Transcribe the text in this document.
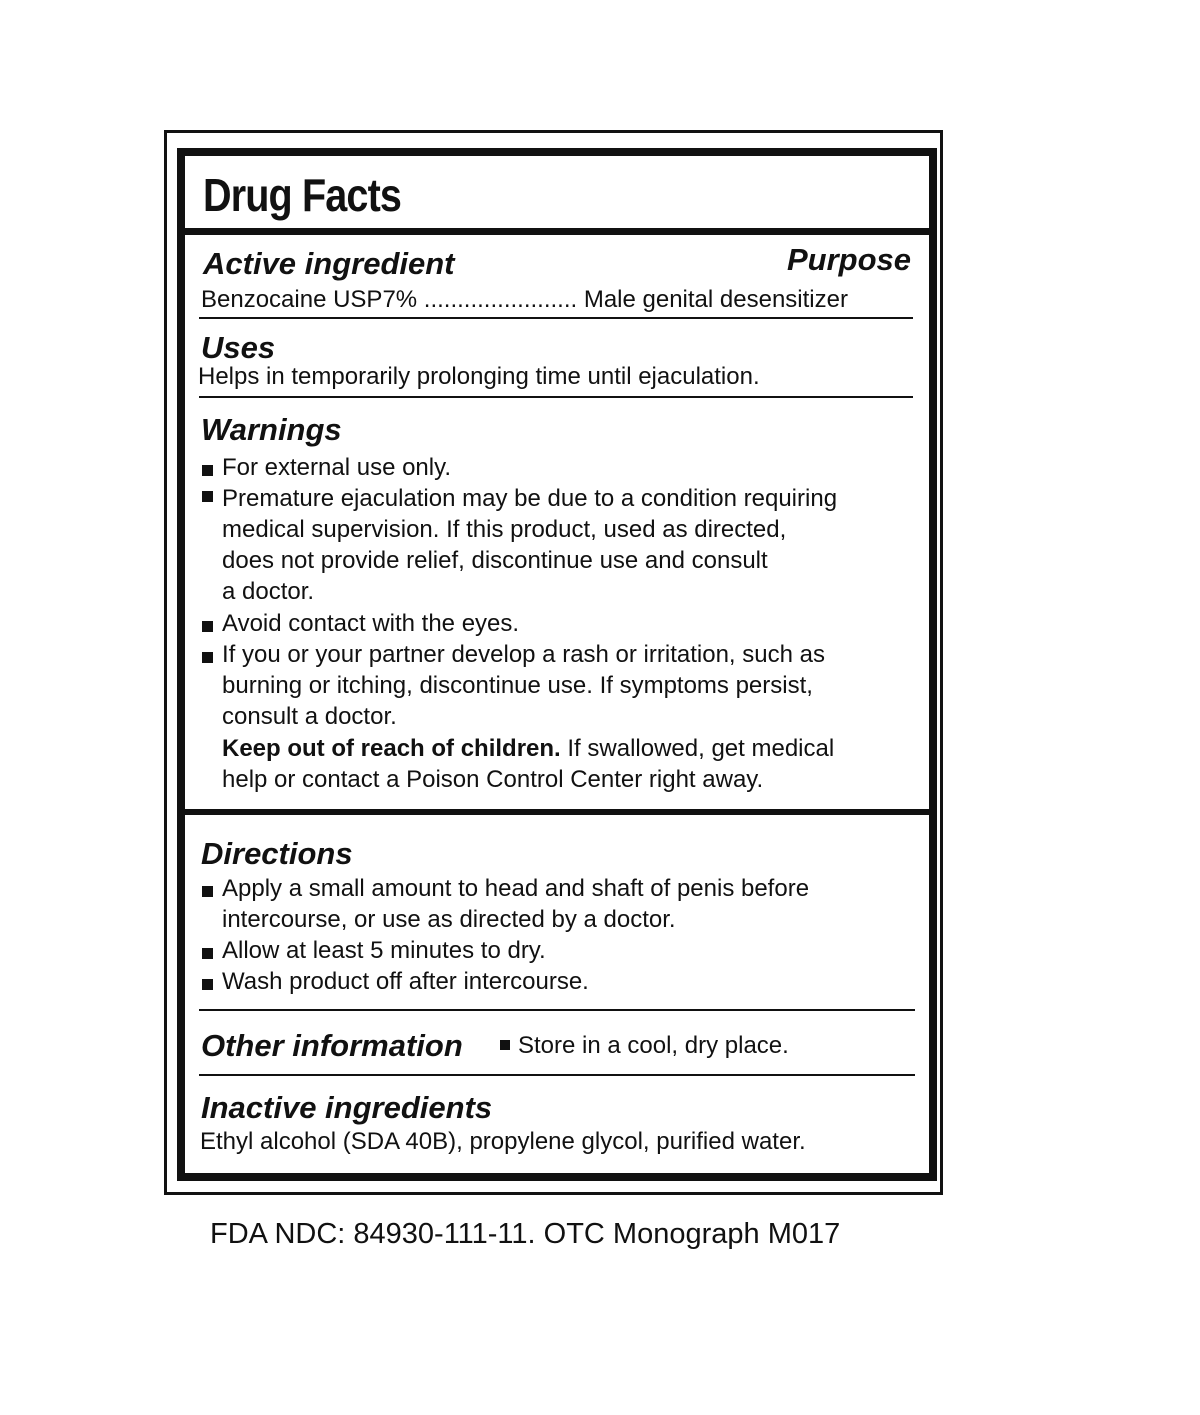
Drug Facts
Active ingredient	Purpose
Benzocaine USP7% ....................... Male genital desensitizer
Uses
Helps in temporarily prolonging time until ejaculation.
Warnings
For external use only.
Premature ejaculation may be due to a condition requiring
medical supervision. If this product, used as directed,
does not provide relief, discontinue use and consult
a doctor.
Avoid contact with the eyes.
If you or your partner develop a rash or irritation, such as
burning or itching, discontinue use. If symptoms persist,
consult a doctor.
Keep out of reach of children. If swallowed, get medical
help or contact a Poison Control Center right away.
Directions
Apply a small amount to head and shaft of penis before
intercourse, or use as directed by a doctor.
Allow at least 5 minutes to dry.
Wash product off after intercourse.
Other information Store in a cool, dry place.
Inactive ingredients
Ethyl alcohol (SDA 40B), propylene glycol, purified water.
FDA NDC: 84930-111-11. OTC Monograph M017
